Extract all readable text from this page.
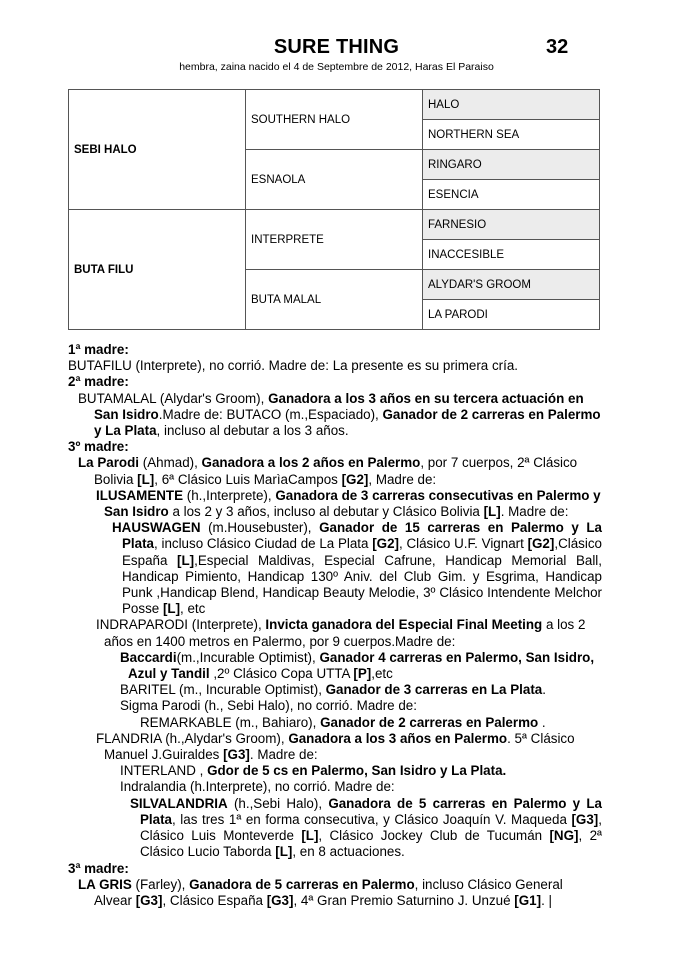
SURE THING	32
hembra, zaina nacido el 4 de Septembre de 2012, Haras El Paraiso
SEBI HALO	SOUTHERN HALO	HALO
		NORTHERN SEA
	ESNAOLA	RINGARO
		ESENCIA
BUTA FILU	INTERPRETE	FARNESIO
		INACCESIBLE
	BUTA MALAL	ALYDAR'S GROOM
		LA PARODI

1ª madre:

BUTAFILU (Interprete), no corrió. Madre de: La presente es su primera cría.

2ª madre:

BUTAMALAL (Alydar's Groom), Ganadora a los 3 años en su tercera actuación en San Isidro.Madre de: BUTACO (m.,Espaciado), Ganador de 2 carreras en Palermo y La Plata, incluso al debutar a los 3 años.

3º madre:

La Parodi (Ahmad), Ganadora a los 2 años en Palermo, por 7 cuerpos, 2ª Clásico Bolivia [L], 6ª Clásico Luis MarìaCampos [G2], Madre de:

ILUSAMENTE (h.,Interprete), Ganadora de 3 carreras consecutivas en Palermo y San Isidro a los 2 y 3 años, incluso al debutar y Clásico Bolivia [L]. Madre de:

HAUSWAGEN (m.Housebuster), Ganador de 15 carreras en Palermo y La Plata, incluso Clásico Ciudad de La Plata [G2], Clásico U.F. Vignart [G2],Clásico España [L],Especial Maldivas, Especial Cafrune, Handicap Memorial Ball, Handicap Pimiento, Handicap 130º Aniv. del Club Gim. y Esgrima, Handicap Punk ,Handicap Blend, Handicap Beauty Melodie, 3º Clásico Intendente Melchor Posse [L], etc

INDRAPARODI (Interprete), Invicta ganadora del Especial Final Meeting a los 2 años en 1400 metros en Palermo, por 9 cuerpos.Madre de:

Baccardi(m.,Incurable Optimist), Ganador 4 carreras en Palermo, San Isidro, Azul y Tandil ,2º Clásico Copa UTTA [P],etc

BARITEL (m., Incurable Optimist), Ganador de 3 carreras en La Plata.

Sigma Parodi (h., Sebi Halo), no corrió. Madre de:

REMARKABLE (m., Bahiaro), Ganador de 2 carreras en Palermo .

FLANDRIA (h.,Alydar's Groom), Ganadora a los 3 años en Palermo. 5ª Clásico Manuel J.Guiraldes [G3]. Madre de:

INTERLAND , Gdor de 5 cs en Palermo, San Isidro y La Plata.

Indralandia (h.Interprete), no corrió. Madre de:

SILVALANDRIA (h.,Sebi Halo), Ganadora de 5 carreras en Palermo y La Plata, las tres 1ª en forma consecutiva, y Clásico Joaquín V. Maqueda [G3], Clásico Luis Monteverde [L], Clásico Jockey Club de Tucumán [NG], 2ª Clásico Lucio Taborda [L], en 8 actuaciones.

3ª madre:

LA GRIS (Farley), Ganadora de 5 carreras en Palermo, incluso Clásico General Alvear [G3], Clásico España [G3], 4ª Gran Premio Saturnino J. Unzué [G1]. |
